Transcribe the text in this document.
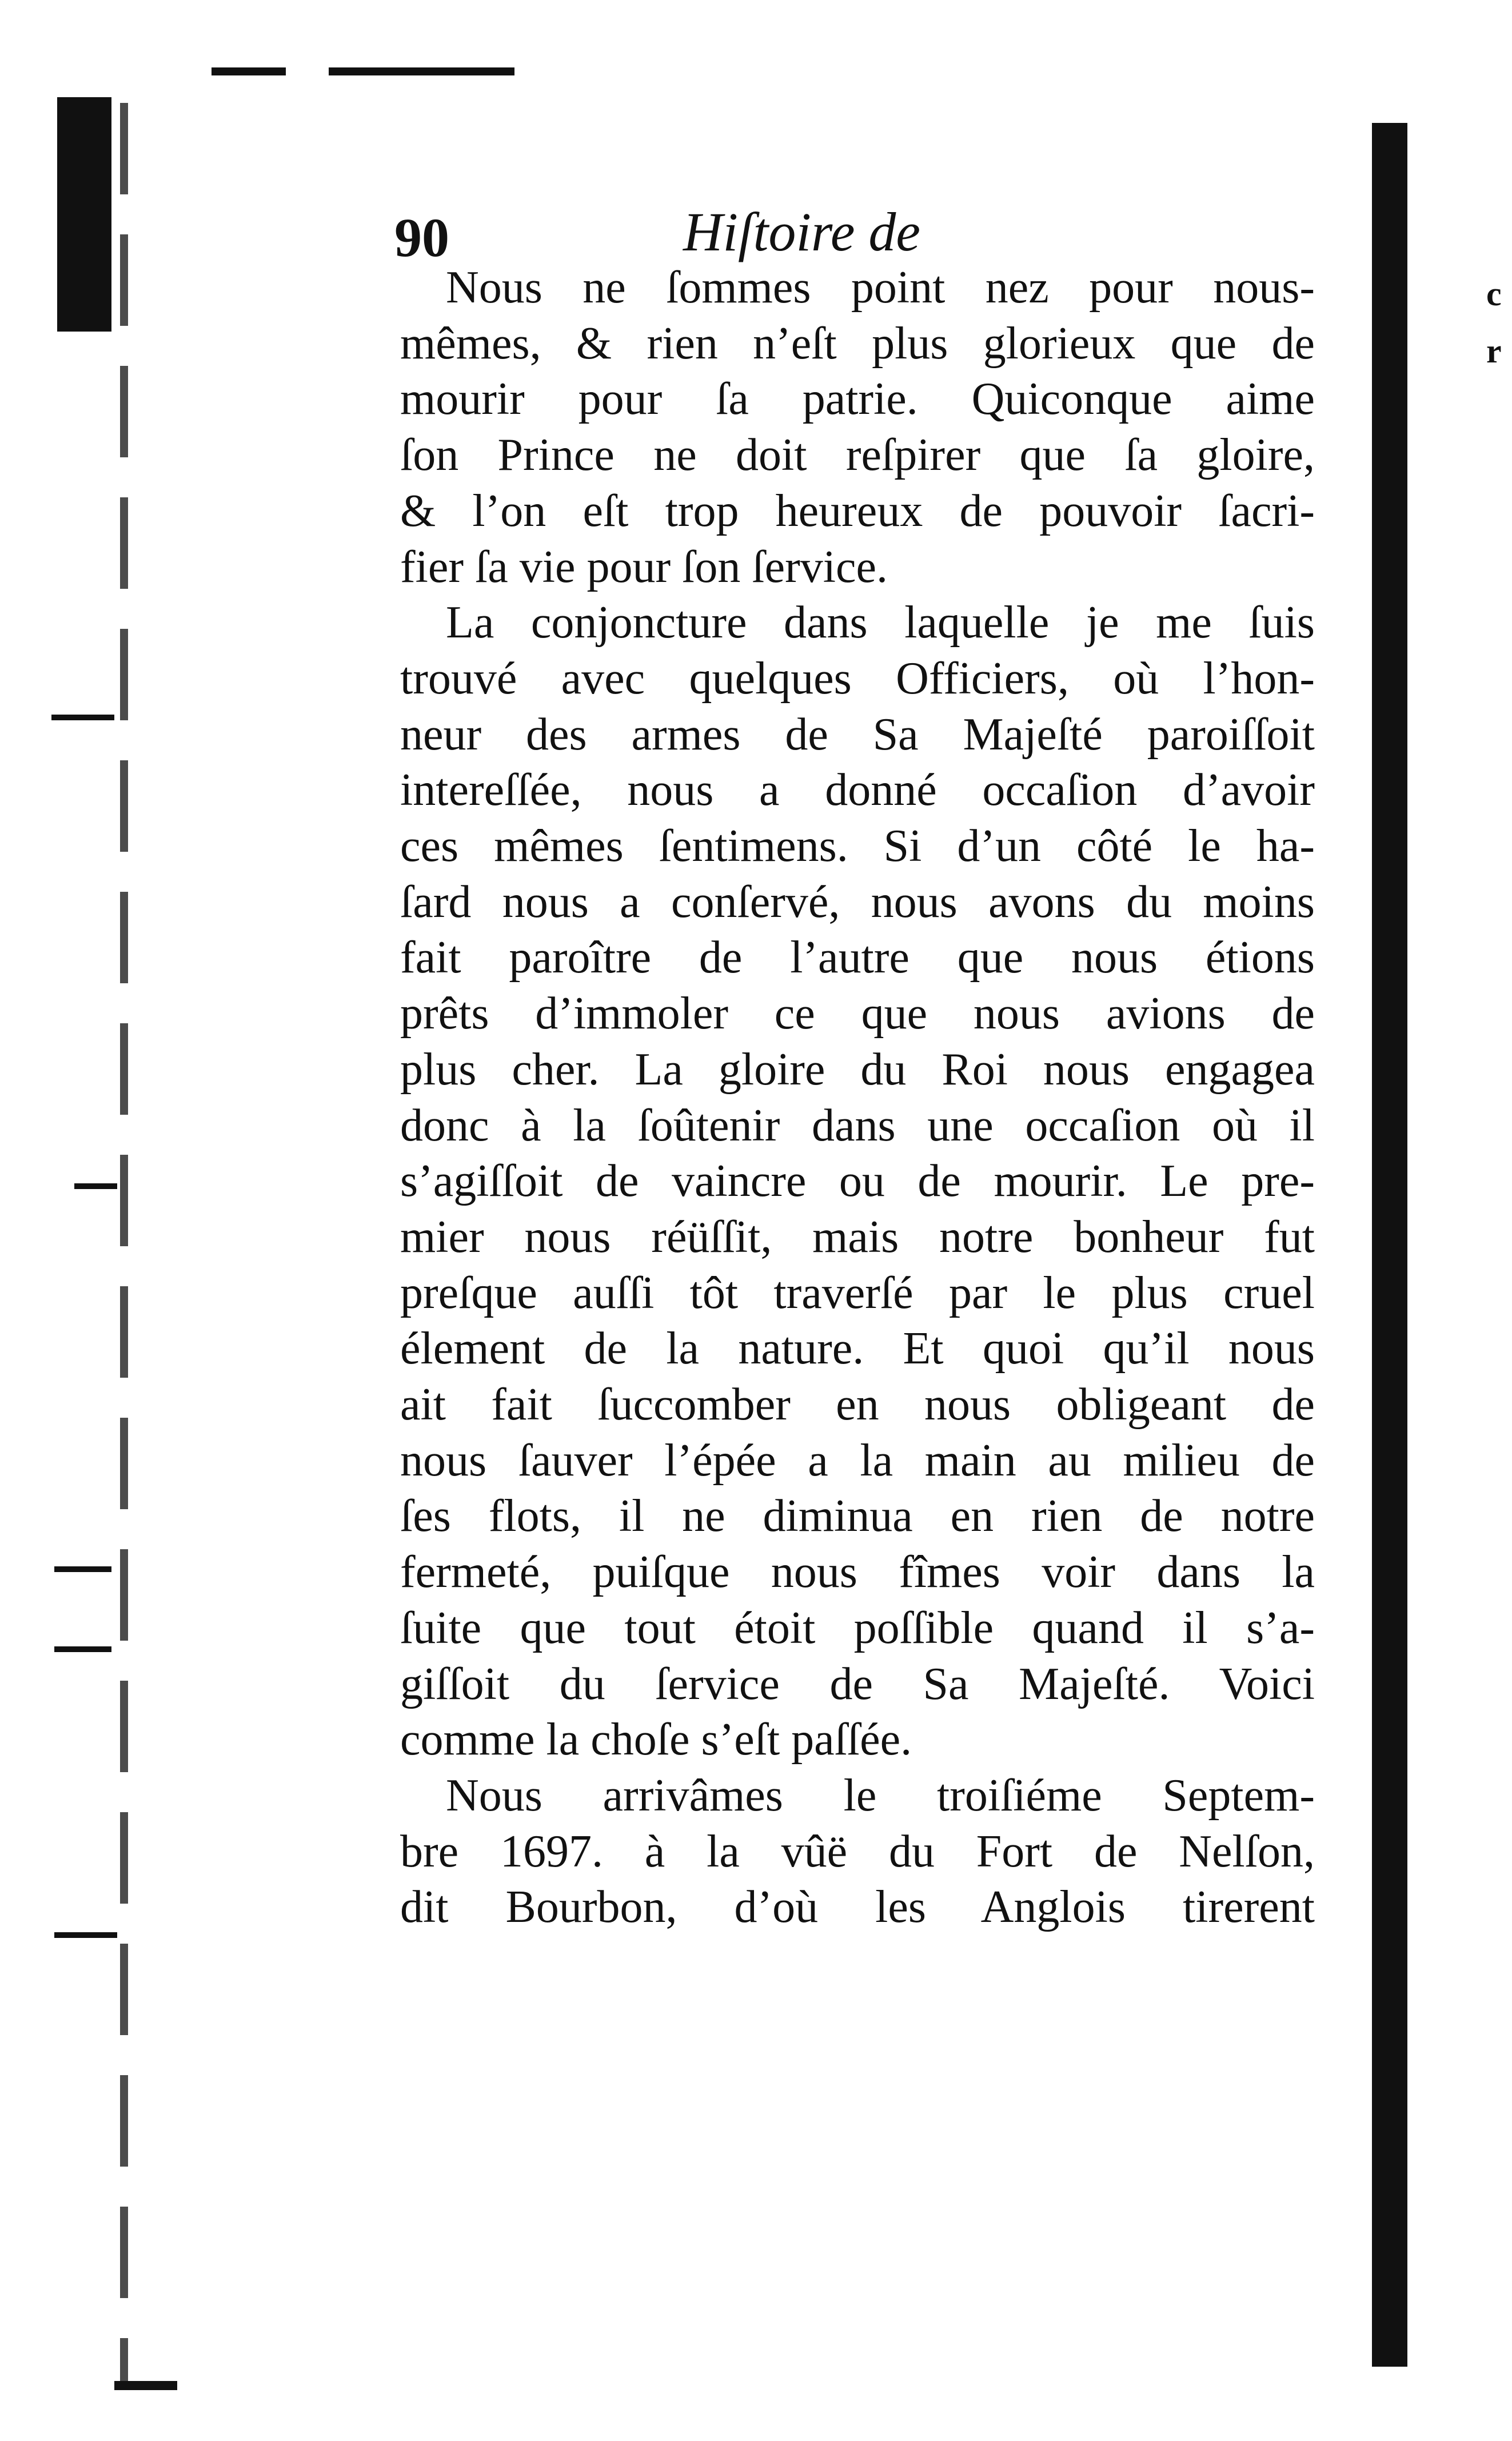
c
r
90	Hiſtoire de
Nous ne ſommes point nez pour nous-
mêmes, & rien n’eſt plus glorieux que de
mourir pour ſa patrie. Quiconque aime
ſon Prince ne doit reſpirer que ſa gloire,
& l’on eſt trop heureux de pouvoir ſacri-
fier ſa vie pour ſon ſervice.
La conjoncture dans laquelle je me ſuis
trouvé avec quelques Officiers, où l’hon-
neur des armes de Sa Majeſté paroiſſoit
intereſſée, nous a donné occaſion d’avoir
ces mêmes ſentimens. Si d’un côté le ha-
ſard nous a conſervé, nous avons du moins
fait paroître de l’autre que nous étions
prêts d’immoler ce que nous avions de
plus cher. La gloire du Roi nous engagea
donc à la ſoûtenir dans une occaſion où il
s’agiſſoit de vaincre ou de mourir. Le pre-
mier nous réüſſit, mais notre bonheur fut
preſque auſſi tôt traverſé par le plus cruel
élement de la nature. Et quoi qu’il nous
ait fait ſuccomber en nous obligeant de
nous ſauver l’épée a la main au milieu de
ſes flots, il ne diminua en rien de notre
fermeté, puiſque nous fîmes voir dans la
ſuite que tout étoit poſſible quand il s’a-
giſſoit du ſervice de Sa Majeſté. Voici
comme la choſe s’eſt paſſée.
Nous arrivâmes le troiſiéme Septem-
bre 1697. à la vûë du Fort de Nelſon,
dit Bourbon, d’où les Anglois tirerent
